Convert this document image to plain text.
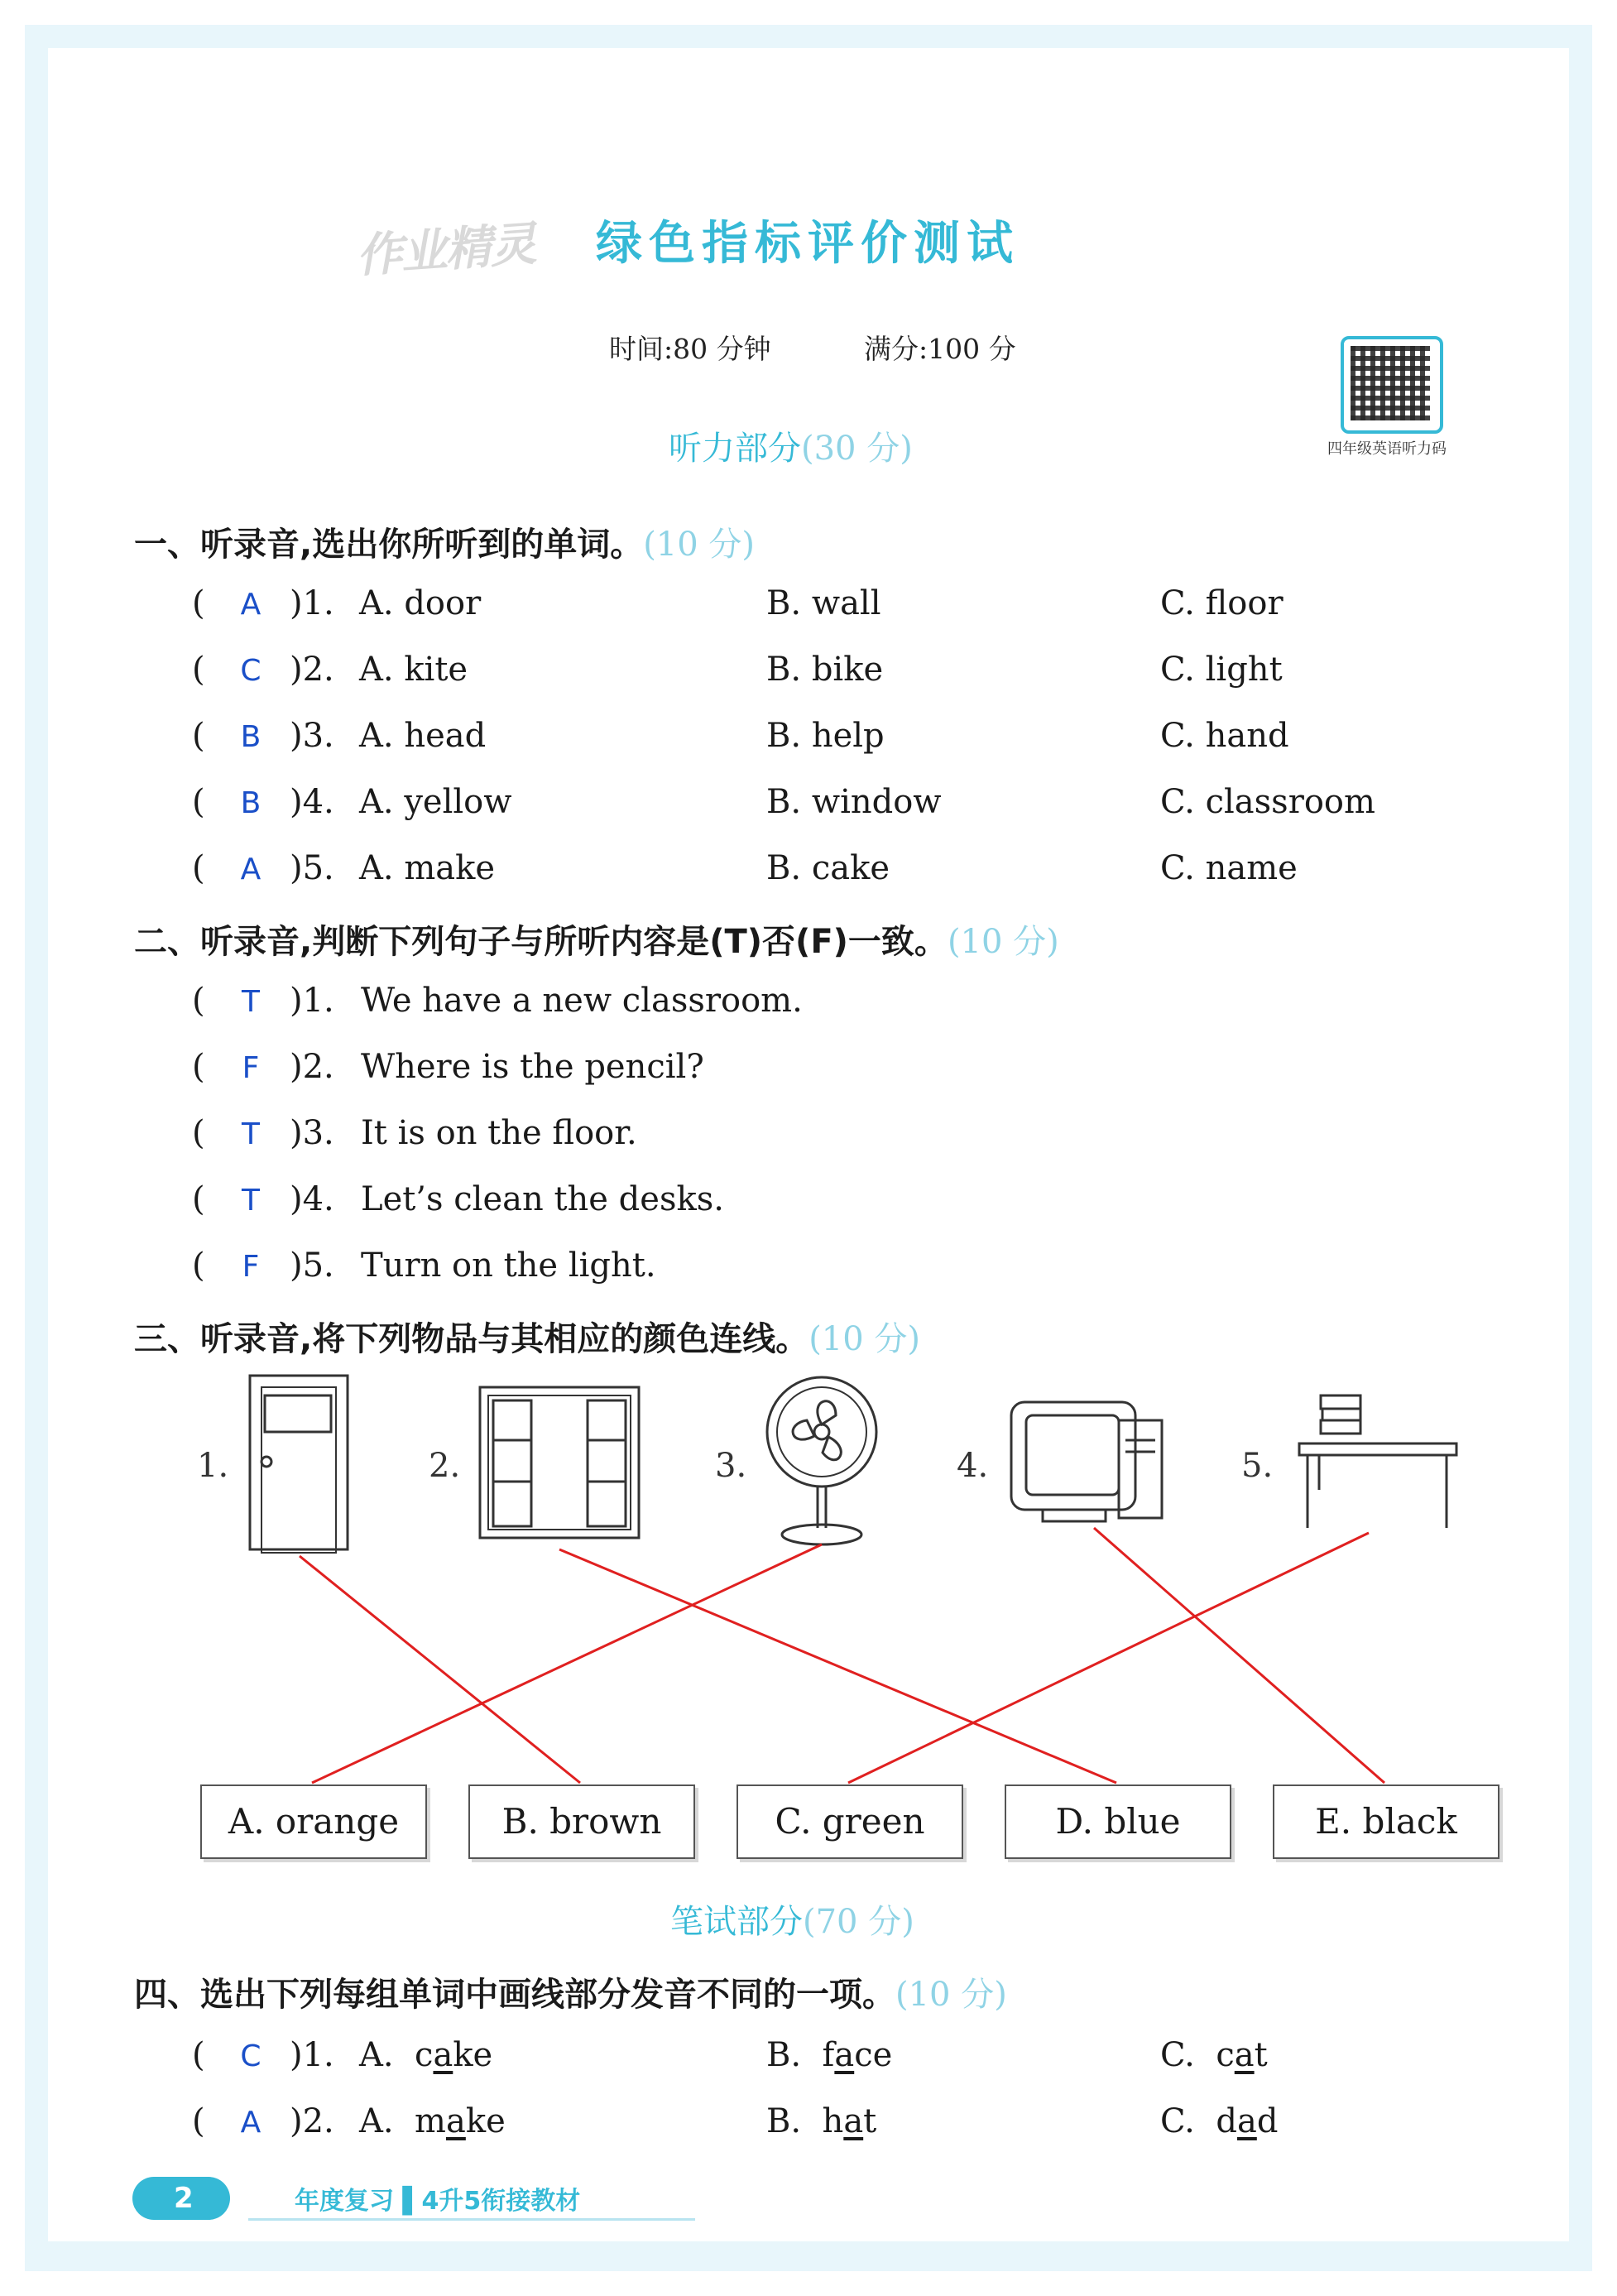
作业精灵 绿色指标评价测试
时间:80 分钟	满分:100 分
四年级英语听力码
听力部分(30 分)
一、听录音,选出你所听到的单词。(10 分)
( A )1. A. door	B. wall	C. floor
( C )2. A. kite	B. bike	C. light
( B )3. A. head	B. help	C. hand
( B )4. A. yellow	B. window	C. classroom
( A )5. A. make	B. cake	C. name
二、听录音,判断下列句子与所听内容是(T)否(F)一致。(10 分)
( T )1. We have a new classroom.
( F )2. Where is the pencil?
( T )3. It is on the floor.
( T )4. Let’s clean the desks.
( F )5. Turn on the light.
三、听录音,将下列物品与其相应的颜色连线。(10 分)
1.	2.	3.	4.	5.
A. orange	B. brown	C. green	D. blue	E. black
笔试部分(70 分)
四、选出下列每组单词中画线部分发音不同的一项。(10 分)
( C )1. A. cake	B. face	C. cat
( A )2. A. make	B. hat	C. dad
2	年度复习 ▌4升5衔接教材
